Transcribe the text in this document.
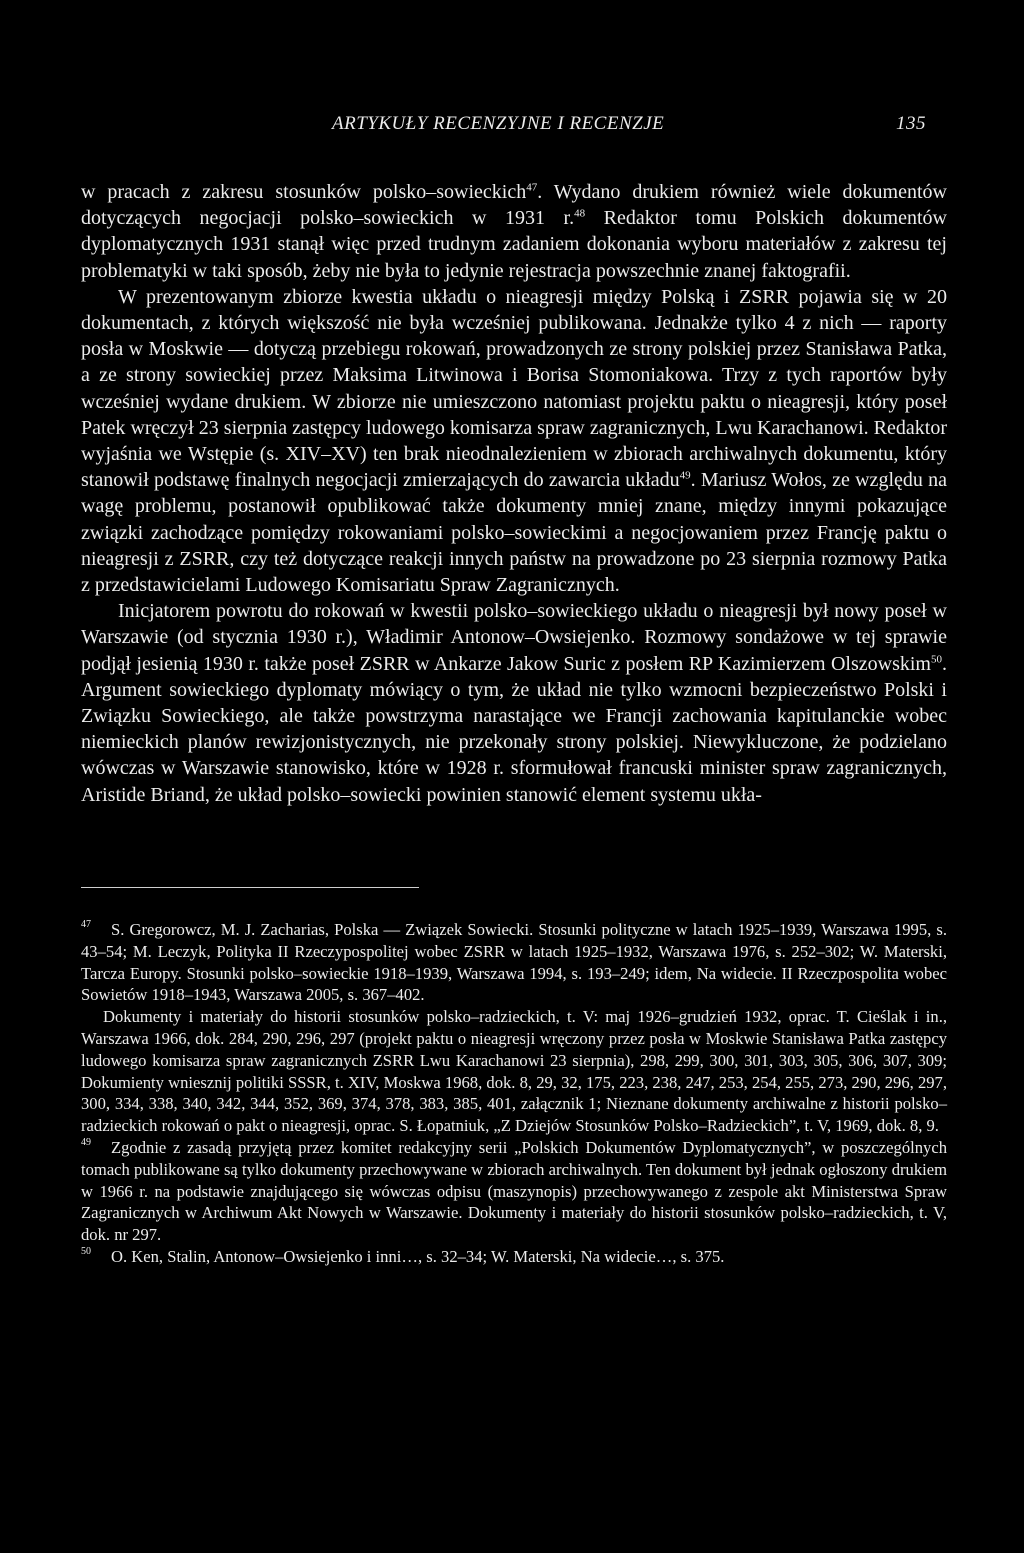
ARTYKUŁY RECENZYJNE I RECENZJE	135

w pracach z zakresu stosunków polsko–sowieckich$^{47}$. Wydano drukiem również wiele dokumentów dotyczących negocjacji polsko–sowieckich w 1931 r.$^{48}$ Redaktor tomu Polskich dokumentów dyplomatycznych 1931 stanął więc przed trudnym zadaniem dokonania wyboru materiałów z zakresu tej problematyki w taki sposób, żeby nie była to jedynie rejestracja powszechnie znanej faktografii.

W prezentowanym zbiorze kwestia układu o nieagresji między Polską i ZSRR pojawia się w 20 dokumentach, z których większość nie była wcześniej publikowana. Jednakże tylko 4 z nich — raporty posła w Moskwie — dotyczą przebiegu rokowań, prowadzonych ze strony polskiej przez Stanisława Patka, a ze strony sowieckiej przez Maksima Litwinowa i Borisa Stomoniakowa. Trzy z tych raportów były wcześniej wydane drukiem. W zbiorze nie umieszczono natomiast projektu paktu o nieagresji, który poseł Patek wręczył 23 sierpnia zastępcy ludowego komisarza spraw zagranicznych, Lwu Karachanowi. Redaktor wyjaśnia we Wstępie (s. XIV–XV) ten brak nieodnalezieniem w zbiorach archiwalnych dokumentu, który stanowił podstawę finalnych negocjacji zmierzających do zawarcia układu$^{49}$. Mariusz Wołos, ze względu na wagę problemu, postanowił opublikować także dokumenty mniej znane, między innymi pokazujące związki zachodzące pomiędzy rokowaniami polsko–sowieckimi a negocjowaniem przez Francję paktu o nieagresji z ZSRR, czy też dotyczące reakcji innych państw na prowadzone po 23 sierpnia rozmowy Patka z przedstawicielami Ludowego Komisariatu Spraw Zagranicznych.

Inicjatorem powrotu do rokowań w kwestii polsko–sowieckiego układu o nieagresji był nowy poseł w Warszawie (od stycznia 1930 r.), Władimir Antonow–Owsiejenko. Rozmowy sondażowe w tej sprawie podjął jesienią 1930 r. także poseł ZSRR w Ankarze Jakow Suric z posłem RP Kazimierzem Olszowskim$^{50}$. Argument sowieckiego dyplomaty mówiący o tym, że układ nie tylko wzmocni bezpieczeństwo Polski i Związku Sowieckiego, ale także powstrzyma narastające we Francji zachowania kapitulanckie wobec niemieckich planów rewizjonistycznych, nie przekonały strony polskiej. Niewykluczone, że podzielano wówczas w Warszawie stanowisko, które w 1928 r. sformułował francuski minister spraw zagranicznych, Aristide Briand, że układ polsko–sowiecki powinien stanowić element systemu ukła-

47 S. Gregorowcz, M. J. Zacharias, Polska — Związek Sowiecki. Stosunki polityczne w latach 1925–1939, Warszawa 1995, s. 43–54; M. Leczyk, Polityka II Rzeczypospolitej wobec ZSRR w latach 1925–1932, Warszawa 1976, s. 252–302; W. Materski, Tarcza Europy. Stosunki polsko–sowieckie 1918–1939, Warszawa 1994, s. 193–249; idem, Na widecie. II Rzeczpospolita wobec Sowietów 1918–1943, Warszawa 2005, s. 367–402.

Dokumenty i materiały do historii stosunków polsko–radzieckich, t. V: maj 1926–grudzień 1932, oprac. T. Cieślak i in., Warszawa 1966, dok. 284, 290, 296, 297 (projekt paktu o nieagresji wręczony przez posła w Moskwie Stanisława Patka zastępcy ludowego komisarza spraw zagranicznych ZSRR Lwu Karachanowi 23 sierpnia), 298, 299, 300, 301, 303, 305, 306, 307, 309; Dokumienty wniesznij politiki SSSR, t. XIV, Moskwa 1968, dok. 8, 29, 32, 175, 223, 238, 247, 253, 254, 255, 273, 290, 296, 297, 300, 334, 338, 340, 342, 344, 352, 369, 374, 378, 383, 385, 401, załącznik 1; Nieznane dokumenty archiwalne z historii polsko–radzieckich rokowań o pakt o nieagresji, oprac. S. Łopatniuk, „Z Dziejów Stosunków Polsko–Radzieckich”, t. V, 1969, dok. 8, 9.

49 Zgodnie z zasadą przyjętą przez komitet redakcyjny serii „Polskich Dokumentów Dyplomatycznych”, w poszczególnych tomach publikowane są tylko dokumenty przechowywane w zbiorach archiwalnych. Ten dokument był jednak ogłoszony drukiem w 1966 r. na podstawie znajdującego się wówczas odpisu (maszynopis) przechowywanego z zespole akt Ministerstwa Spraw Zagranicznych w Archiwum Akt Nowych w Warszawie. Dokumenty i materiały do historii stosunków polsko–radzieckich, t. V, dok. nr 297.

50 O. Ken, Stalin, Antonow–Owsiejenko i inni…, s. 32–34; W. Materski, Na widecie…, s. 375.
